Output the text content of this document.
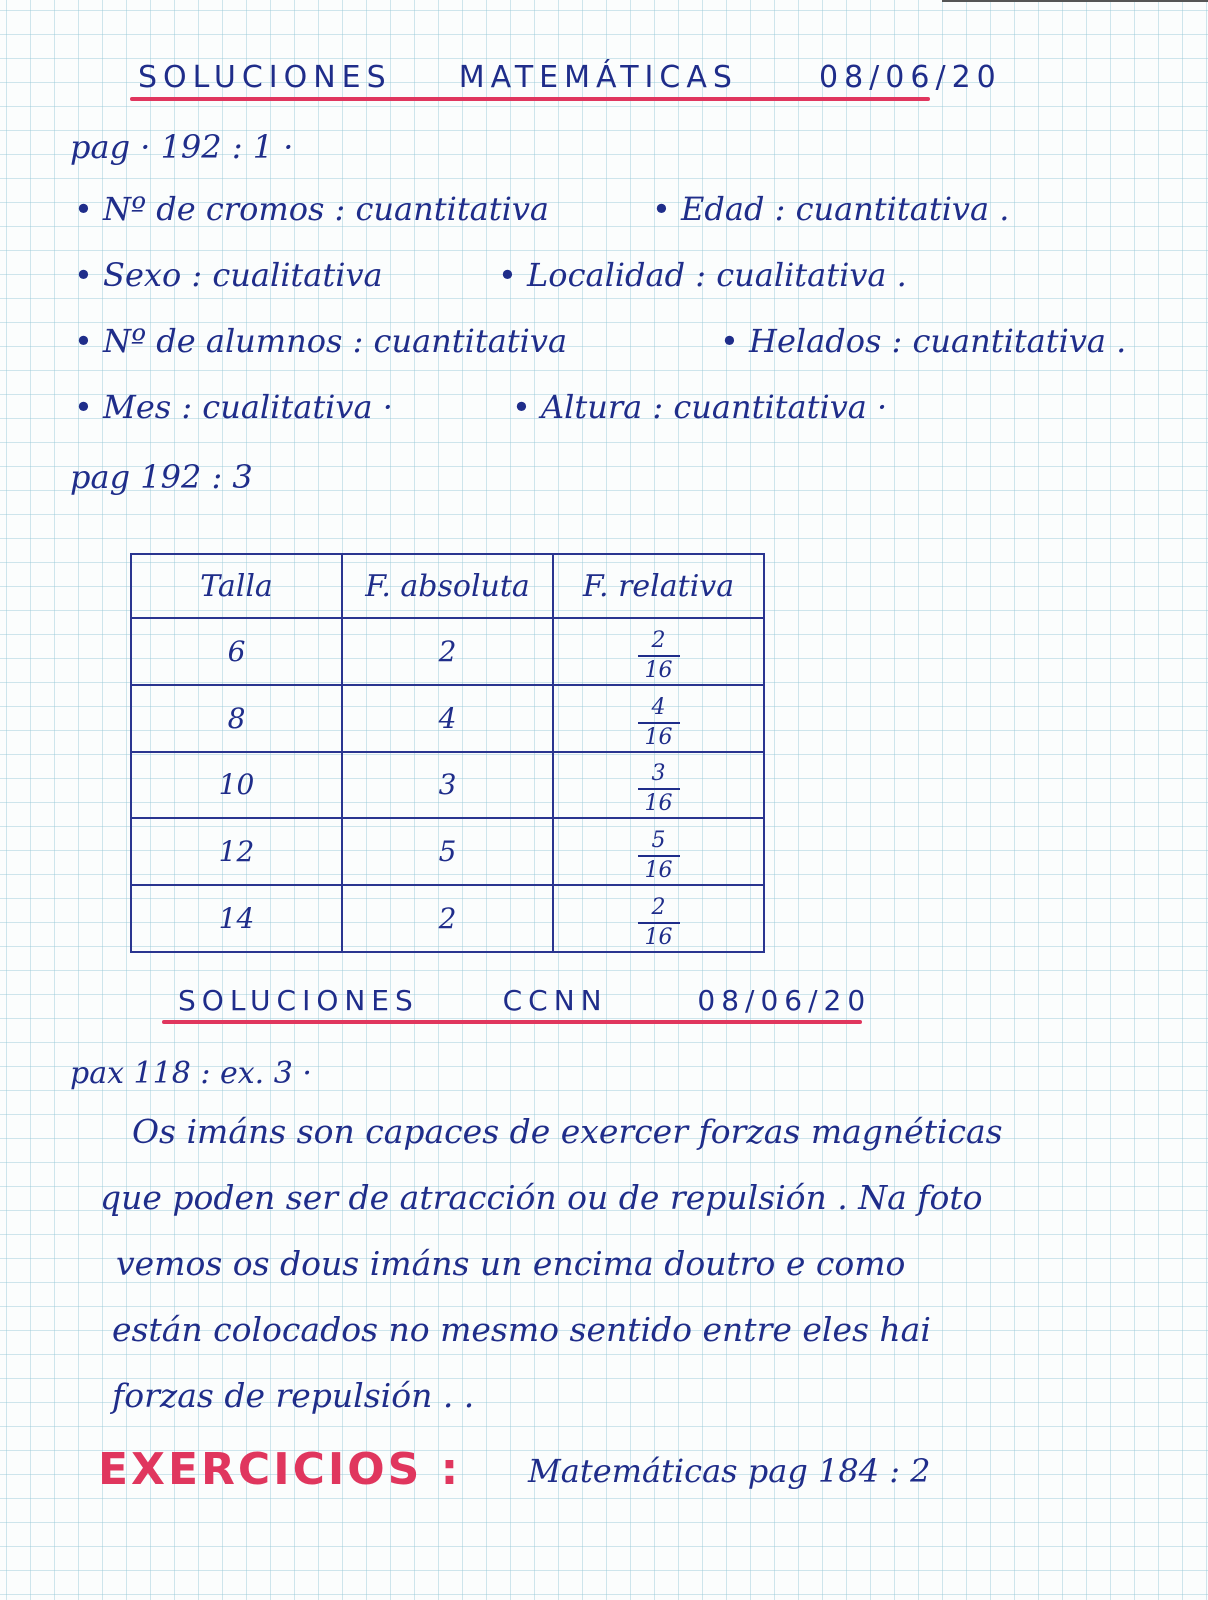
SOLUCIONES MATEMÁTICAS	08/06/20
pag · 192 : 1 ·
• Nº de cromos : cuantitativa	• Edad : cuantitativa .
• Sexo : cualitativa	• Localidad : cualitativa .
• Nº de alumnos : cuantitativa	• Helados : cuantitativa .
• Mes : cualitativa ·	• Altura : cuantitativa ·
pag 192 : 3
Talla	F. absoluta	F. relativa
6	2	$\frac{2}{16}$

8	4	$\frac{4}{16}$

10	3	$\frac{3}{16}$

12	5	$\frac{5}{16}$

14	2	$\frac{2}{16}$
SOLUCIONES	CCNN	08/06/20
pax 118 : ex. 3 ·
Os imáns son capaces de exercer forzas magnéticas
que poden ser de atracción ou de repulsión . Na foto
vemos os dous imáns un encima doutro e como
están colocados no mesmo sentido entre eles hai
forzas de repulsión . .
EXERCICIOS : Matemáticas pag 184 : 2
